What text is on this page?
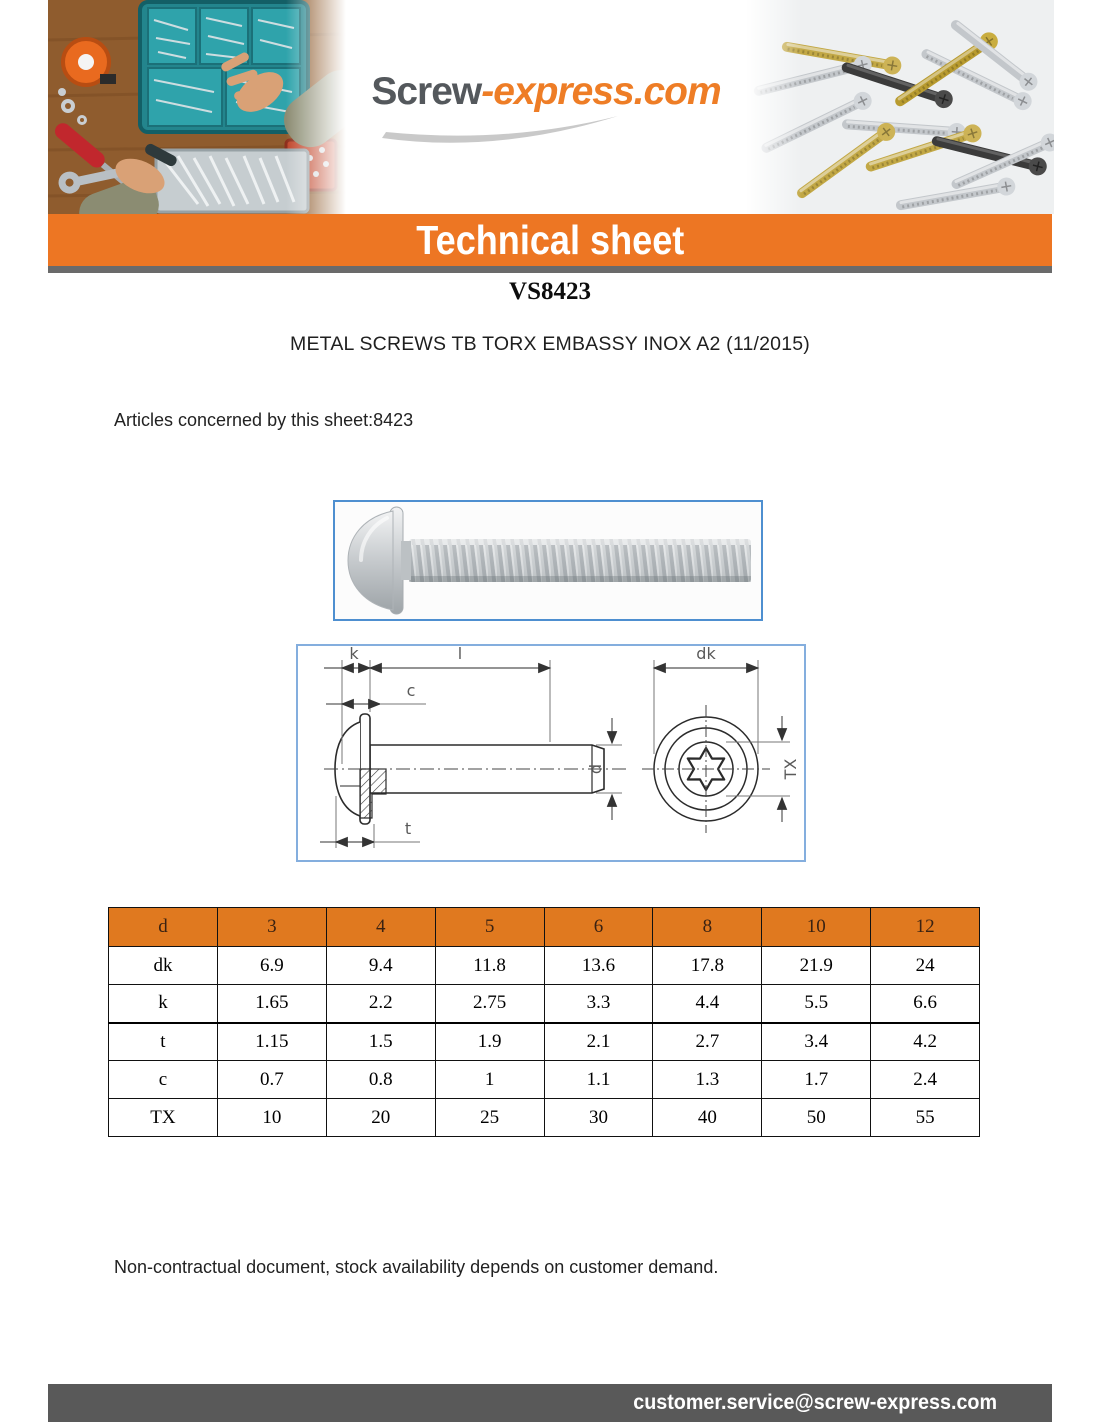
Screw-express.com
Technical sheet
VS8423
METAL SCREWS TB TORX EMBASSY INOX A2 (11/2015)
Articles concerned by this sheet:8423
k	l
c
t
d
dk
TX
d	3	4	5	6	8	10	12
dk	6.9	9.4	11.8	13.6	17.8	21.9	24
k	1.65	2.2	2.75	3.3	4.4	5.5	6.6
t	1.15	1.5	1.9	2.1	2.7	3.4	4.2
c	0.7	0.8	1	1.1	1.3	1.7	2.4
TX	10	20	25	30	40	50	55
Non-contractual document, stock availability depends on customer demand.
customer.service@screw-express.com
